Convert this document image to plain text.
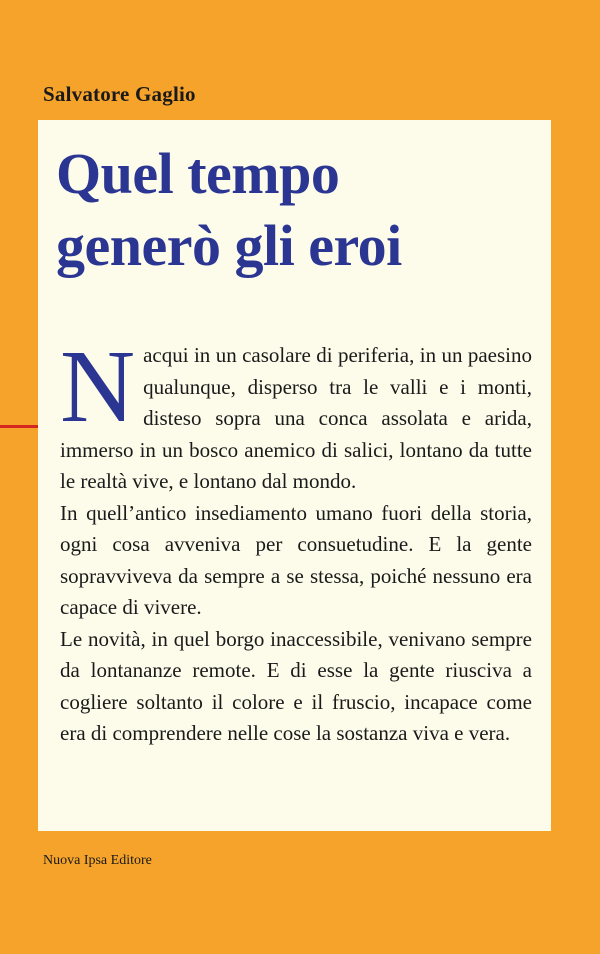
Salvatore Gaglio
Quel tempo
generò gli eroi

Nacqui in un casolare di periferia, in un paesino qualunque, disperso tra le valli e i monti, disteso sopra una conca assolata e arida, immerso in un bosco anemico di salici, lontano da tutte le realtà vive, e lontano dal mondo.

In quell’antico insediamento umano fuori della storia, ogni cosa avveniva per consuetudine. E la gente sopravviveva da sempre a se stessa, poiché nessuno era capace di vivere.

Le novità, in quel borgo inaccessibile, venivano sempre da lontananze remote. E di esse la gente riusciva a cogliere soltanto il colore e il fruscio, incapace come era di comprendere nelle cose la sostanza viva e vera.

Nuova Ipsa Editore
